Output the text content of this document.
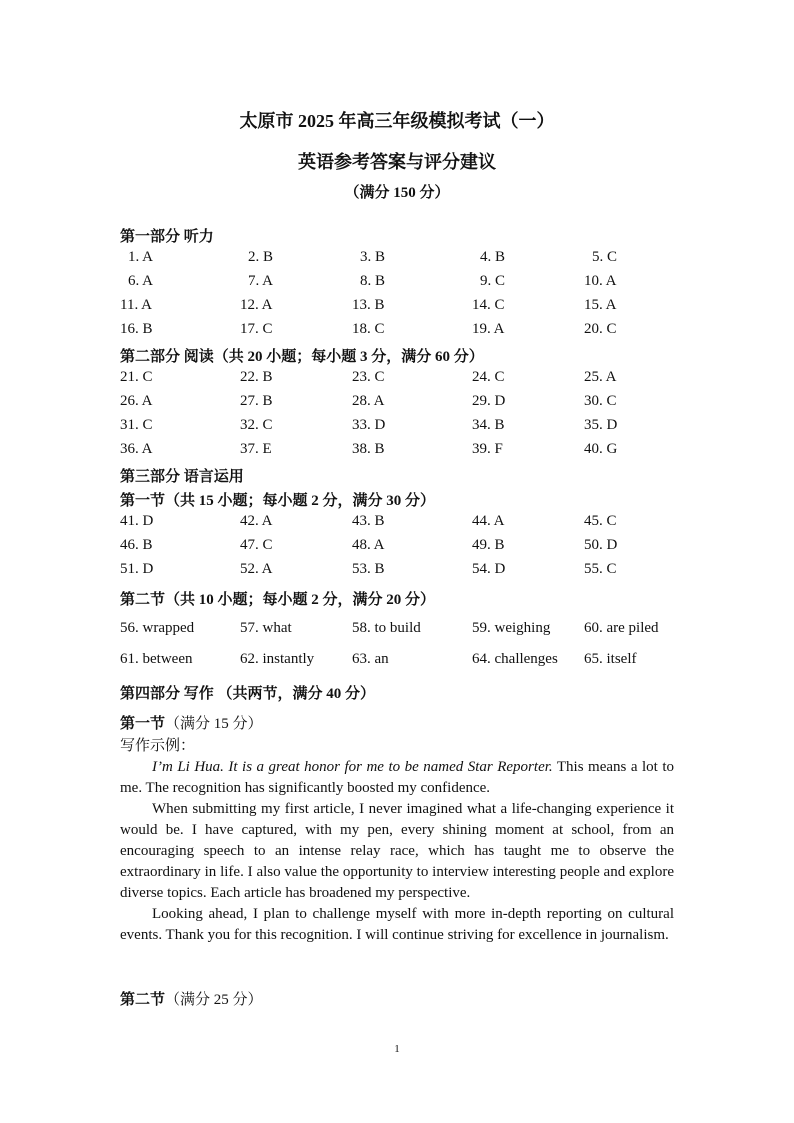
太原市 2025 年高三年级模拟考试（一）
英语参考答案与评分建议
（满分 150 分）
第一部分 听力
1. A	2. B	3. B	4. B	5. C
6. A	7. A	8. B	9. C	10. A
11. A	12. A	13. B	14. C	15. A
16. B	17. C	18. C	19. A	20. C
第二部分 阅读（共 20 小题；每小题 3 分，满分 60 分）
21. C	22. B	23. C	24. C	25. A
26. A	27. B	28. A	29. D	30. C
31. C	32. C	33. D	34. B	35. D
36. A	37. E	38. B	39. F	40. G
第三部分 语言运用
第一节（共 15 小题；每小题 2 分，满分 30 分）
41. D	42. A	43. B	44. A	45. C
46. B	47. C	48. A	49. B	50. D
51. D	52. A	53. B	54. D	55. C
第二节（共 10 小题；每小题 2 分，满分 20 分）
56. wrapped	57. what	58. to build	59. weighing 60. are piled
61. between	62. instantly	63. an	64. challenges 65. itself
第四部分 写作 （共两节，满分 40 分）
第一节（满分 15 分）

写作示例：

I’m Li Hua. It is a great honor for me to be named Star Reporter. This means a lot to me. The recognition has significantly boosted my confidence.

When submitting my first article, I never imagined what a life-changing experience it would be. I have captured, with my pen, every shining moment at school, from an encouraging speech to an intense relay race, which has taught me to observe the extraordinary in life. I also value the opportunity to interview interesting people and explore diverse topics. Each article has broadened my perspective.

Looking ahead, I plan to challenge myself with more in-depth reporting on cultural events. Thank you for this recognition. I will continue striving for excellence in journalism.

第二节（满分 25 分）
1
